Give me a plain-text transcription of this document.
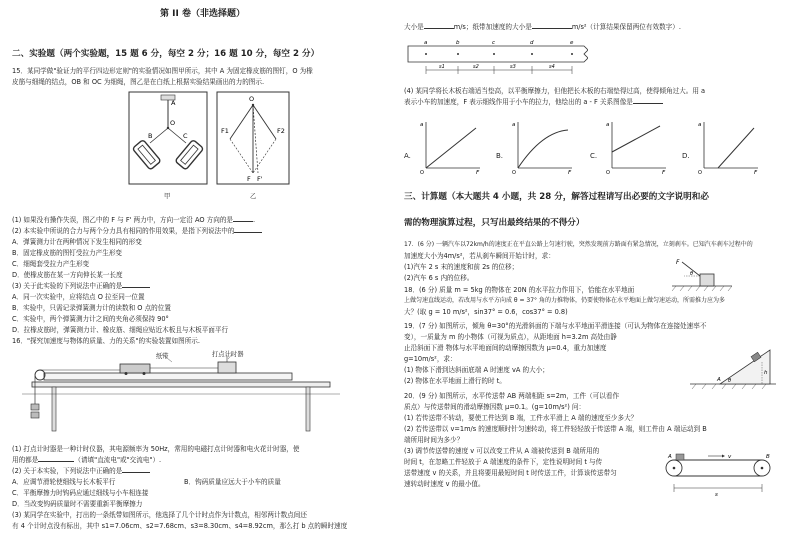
第 II 卷（非选择题）
二、实验题（两个实验题，15 题 6 分，每空 2 分；16 题 10 分，每空 2 分）
15．某同学做"验证力的平行四边形定则"的实验情况如图甲所示，其中 A 为固定橡皮筋的图钉，O 为橡
皮筋与细绳的结点，OB 和 OC 为细绳，图乙是在白纸上根据实验结果画出的力的图示.
A
O
B	C
甲
O
F1	F2
F F'
乙
(1) 如果没有操作失误，图乙中的 F 与 F' 两力中，方向一定沿 AO 方向的是	.
(2) 本实验中所说的合力与两个分力具有相同的作用效果，是指下列说法中的
A．弹簧测力计在两种情况下发生相同的形变
B．固定橡皮筋的图钉受拉力产生形变
C．细绳套受拉力产生形变
D．使橡皮筋在某一方向伸长某一长度
(3) 关于此实验的下列说法中正确的是
A．同一次实验中，应将结点 O 拉至同一位置
B．实验中，只需记录弹簧测力计的读数和 O 点的位置
C．实验中，两个弹簧测力计之间的夹角必须保持 90°
D．拉橡皮筋时，弹簧测力计、橡皮筋、细绳应贴近木板且与木板平面平行
16．"探究加速度与物体的质量、力的关系"的实验装置如图所示.
纸带	打点计时器
(1) 打点计时器是一种计时仪器，其电源频率为 50Hz，常用的电磁打点计时器和电火花计时器，使
用的都是	（请填"直流电"或"交流电"）.
(2) 关于本实验，下列说法中正确的是
A．应调节滑轮使细线与长木板平行	B．钩码质量应远大于小车的质量
C．平衡摩擦力时钩码应通过细线与小车相连接
D．当改变钩码质量时不需要重新平衡摩擦力
(3) 某同学在实验中，打出的一条纸带如图所示，他选择了几个计时点作为计数点，相邻两计数点间还
有 4 个计时点没有标出，其中 s1=7.06cm、s2=7.68cm、s3=8.30cm、s4=8.92cm，那么打 b 点的瞬时速度
大小是	m/s；纸带加速度的大小是	m/s²（计算结果保留两位有效数字）.
a	b	c	d	e
s1	s2	s3	s4
(4) 某同学将长木板右端适当垫高，以平衡摩擦力，但他把长木板的右端垫得过高，使得倾角过大。用 a
表示小车的加速度，F 表示细线作用于小车的拉力，他绘出的 a - F 关系图像是
A.
a
F
O
B.
a
F
O
C.
a
F
O
D.
a
F
O
三、计算题（本大题共 4 小题，共 28 分，解答过程请写出必要的文字说明和必
需的物理演算过程，只写出最终结果的不得分）
17．(6 分) 一辆汽车以72km/h的速度正在平直公路上匀速行驶，突然发现前方路面有紧急情况，立刻刹车。已知汽车刹车过程中的
加速度大小为4m/s²，若从刹车瞬间开始计时，求：
(1)汽车 2 s 末的速度和前 2s 的位移；
(2)汽车 6 s 内的位移。
18．(6 分) 质量 m = 5kg 的物体在 20N 的水平拉力作用下，恰能在水平地面
F
θ
上做匀速直线运动，若改用与水平方向成 θ = 37° 角的力推物体，仍要使物体在水平地面上做匀速运动，所需推力应为多
大？(取 g = 10 m/s²，sin37° = 0.6，cos37° = 0.8)
19．(7 分) 如图所示，倾角 θ=30°的光滑斜面的下端与水平地面平滑连接（可认为物体在连接处速率不
变），一质量为 m 的小物体（可视为质点），从距地面 h=3.2m 高处由静
止沿斜面下滑 物体与水平地面间的动摩擦因数为 μ=0.4，重力加速度
g=10m/s²，求：
(1) 物体下滑到达斜面底端 A 时速度 vA 的大小；
(2) 物体在水平地面上滑行的时 t。
h
A θ
20．(9 分) 如图所示，水平传送带 AB 两端相距 s=2m，工件（可以看作
质点）与传送带间的滑动摩擦因数 μ=0.1。(g=10m/s²) 问：
(1) 若传送带不转动，要使工件达到 B 端，工件水平滑上 A 端的速度至少多大？
(2) 若传送带以 v=1m/s 的速度顺时针匀速转动，将工件轻轻放于传送带 A 端，则工件由 A 端运动到 B
端所用时间为多少？
(3) 调节传送带的速度 v 可以改变工件从 A 端被传送到 B 端所用的
时间 t，在忽略工件轻放于 A 端速度的条件下，定性说明时间 t 与传
送带速度 v 的关系，并且将要用最短时间 t 时传送工件，计算该传送带匀
速转动时速度 v 的最小值。
A	B
s
v
